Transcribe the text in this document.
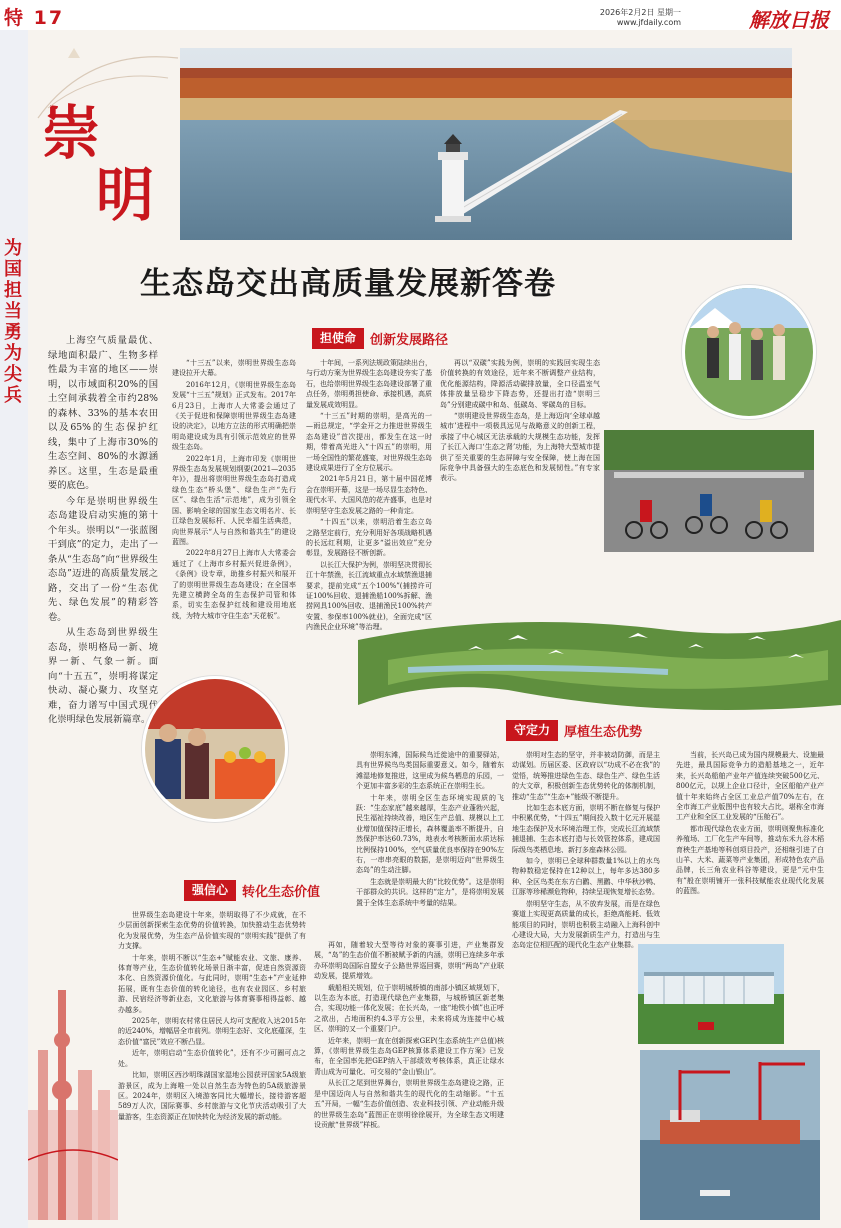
特 17	2026年2月2日 星期一
www.jfdaily.com	解放日报
为国担当 勇为尖兵
崇
明
生态岛交出高质量发展新答卷

上海空气质量最优、绿地面积最广、生物多样性最为丰富的地区——崇明，以市域面积20%的国土空间承载着全市约28%的森林、33%的基本农田以及65%的生态保护红线，集中了上海市30%的生态空间、80%的水源涵养区。这里，生态是最重要的底色。

今年是崇明世界级生态岛建设启动实施的第十个年头。崇明以“一张蓝图干到底”的定力，走出了一条从“生态岛”向“世界级生态岛”迈进的高质量发展之路，交出了一份“生态优先、绿色发展”的精彩答卷。

从生态岛到世界级生态岛，崇明格局一新、境界一新、气象一新。面向“十五五”，崇明将谋定快动、凝心聚力、攻坚克难，奋力谱写中国式现代化崇明绿色发展新篇章。

担使命 创新发展路径

“十三五”以来，崇明世界级生态岛建设拉开大幕。

2016年12月，《崇明世界级生态岛发展“十三五”规划》正式发布。2017年6月23日，上海市人大常委会通过了《关于促进和保障崇明世界级生态岛建设的决定》，以地方立法的形式明确把崇明岛建设成为具有引领示范效应的世界级生态岛。

2022年1月，上海市印发《崇明世界级生态岛发展规划纲要(2021—2035年)》，提出将崇明世界级生态岛打造成绿色生态“桥头堡”、绿色生产“先行区”、绿色生活“示范地”，成为引领全国、影响全球的国家生态文明名片、长江绿色发展标杆、人民幸福生活典范，向世界展示“人与自然和谐共生”的建设蓝图。

2022年8月27日上海市人大常委会通过了《上海市乡村振兴促进条例》，《条例》设专章，助推乡村振兴和展开了的崇明世界级生态岛建设；在全国率先建立横跨全岛的生态保护司管和体系，切实生态保护红线和建设用地底线，为特大城市守住生态“天花板”。

十年间，一系列法规政策陆续出台，与行动方案为世界级生态岛建设夯实了基石，也给崇明世界级生态岛建设部署了重点任务，崇明勇担使命、承接机遇，高质量发展成效明显。

“十三五”时期的崇明，是高光的一—雨总规定，“学金开之力推进世界级生态岛建设”首次提出，都发生在这一时期，带着高光进入“十四五”的崇明，用一场全国性的繁花盛宴，对世界级生态岛建设成果进行了全方位展示。

2021年5月21日，第十届中国花博会在崇明开幕，这是一场尽显生态特色、现代水平、大国风范的花卉盛事，也是对崇明坚守生态发展之路的一种肯定。

“十四五”以来，崇明沿着生态立岛之路坚定前行，充分利用好各项战略机遇的长远红利期，让更多“溢出效应”充分彰显，发展路径不断创新。

以长江大保护为例，崇明坚决贯彻长江十年禁渔，长江流域重点水域禁渔退捕要求，提前完成“五个100%”(捕捞许可证100%回收、退捕渔船100%拆解、渔捞网具100%回收、退捕渔民100%转产安置、参保率100%就业)，全面完成“区内渔民企业环境”等治理。

再以“双碳”实践为例，崇明的实践回实现生态价值转换的有效途径，近年来不断调整产业结构，优化能源结构，降源活动碳排放量，全口径温室气体排放量呈稳步下降态势，还提出打造“崇明三岛”分别建成碳中和岛、低碳岛、零碳岛的目标。

“崇明建设世界级生态岛，是上海迈向‘全球卓越城市’进程中一项极具远见与战略意义的创新工程，承接了中心城区无法承载的大规模生态功能，发挥了长江入海口‘生态之肾’功能，为上海特大型城市提供了至关重要的生态屏障与安全保障，使上海在国际竞争中具备强大的生态底色和发展韧性。”有专家表示。

守定力 厚植生态优势

崇明东滩，国际候鸟迁徙途中的重要驿站，具有世界候鸟鸟类国际重要意义。如今，随着东滩湿地修复推进，这里成为候鸟栖息的乐园，一个更加丰富多彩的生态系统正在崇明生长。

十年来，崇明全区生态环境实现质的飞跃：“生态家底”越来越厚，生态产业蓬勃兴起，民生福祉持续改善，地区生产总值、规模以上工业增加值保持正增长，森林覆盖率不断提升，自然保护率达60.73%，地表水考核断面水质达标比例保持100%，空气质量优良率保持在90%左右，一串串亮眼的数据，是崇明迈向“世界级生态岛”的生动注脚。

生态就是崇明最大的“比较优势”。这是崇明干部群众的共识。这样的“定力”，是将崇明发展置于全体生态系统中考量的结果。

崇明对生态的坚守，并非被动防御，而是主动谋划。历届区委、区政府以“功成不必在我”的觉悟，统筹推进绿色生态、绿色生产、绿色生活的大文章，积极创新生态优势转化的体制机制，推动“生态”“生态+”能级不断提升。

比如生态本底方面，崇明不断在修复与保护中积累优势，“十四五”期间投入数十亿元开展湿地生态保护及水环境治理工作，完成长江流域禁捕退捕、生态本底打造与长效管控体系，建成国际级鸟类栖息地、新打多座森林公园。

如今，崇明已全球种群数量1%以上的水鸟物种数稳定保持在12种以上，每年多达380多种、全区鸟类在东方白鹳、黑鹳、中华秋沙鸭、江豚等珍稀濒危物种，持续呈现恢复增长态势。

崇明坚守生态，从不放弃发展，而是在绿色赛道上实现更高质量的成长，拒绝高能耗、低效能项目的同时，崇明也积极主动融入上海科创中心建设大局，大力发展新质生产力，打造出与生态岛定位相匹配的现代化生态产业集群。

当前，长兴岛已成为国内规模最大、设施最先进，最具国际竞争力的造船基地之一，近年来，长兴岛船舶产业年产值连续突破500亿元、800亿元，以规上企业口径计，全区船舶产业产值十年来始终占全区工业总产值70%左右，在全市海工产业版图中也有较大占比，堪称全市海工产业和全区工业发展的“压舱石”。

都市现代绿色农业方面，崇明则聚焦标准化养殖场、工厂化生产车间等，推动东禾九谷木稻育秧生产基地等科创项目投产，还相继引进了白山羊、大米、蔬菜等产业集团，形成特色农产品品牌，长三角农业科谷等建设，更是“元中生有”般在崇明铺开一张科技赋能农业现代化发展的蓝图。

强信心 转化生态价值

世界级生态岛建设十年来，崇明取得了不少成就，在不少层面创新探索生态优势的价值转换，加快推动生态优势转化为发展优势，为生态产品价值实现的“崇明实践”提供了有力支撑。

十年来，崇明不断以“生态+”赋能农业、文旅、康养、体育等产业，生态价值转化场景日渐丰富，促进自然资源资本化、自然资源价值化。与此同时，崇明“生态+”产业延伸拓展，既有生态价值的转化途径，也有农业园区、乡村旅游、民宿经济等新业态，文化旅游与体育赛事相得益彰、越办越多。

2025年，崇明农村常住居民人均可支配收入达2015年的近240%，增幅居全市前列。崇明生态好、文化底蕴深，生态价值“富民”效应不断凸显。

近年，崇明启动“生态价值转化”，还有不少可圈可点之处。

比如，崇明区西沙明珠湖国家湿地公园获评国家5A级旅游景区，成为上海唯一处以自然生态为特色的5A级旅游景区。2024年，崇明区入境游客同比大幅增长，接待游客超589万人次，国际赛事、乡村旅游与文化节庆活动吸引了大量游客，生态资源正在加快转化为经济发展的新动能。

再如，随着较大型等待对象的赛事引进，产业集群发展，“岛”的生态价值不断被赋予新的内涵，崇明已连续多年承办环崇明岛国际自盟女子公路世界巡回赛，崇明“两岛”产业联动发展，提质增效。

载船相关规划，位于崇明城桥镇的南部小镇区域规划下，以生态为本底，打造现代绿色产业集群，与城桥镇区新老集合，实现功能一体化发展；在长兴岛，一座“地铁小镇”也正呼之欲出，占地面积约4.3平方公里，未来将成为连接中心城区、崇明的又一个重要门户。

近年来，崇明一直在创新探索GEP(生态系统生产总值)核算，《崇明世界级生态岛GEP核算体系建设工作方案》已发布，在全国率先把GEP纳入干部绩效考核体系，真正让绿水青山成为可量化、可交易的“金山银山”。

从长江之尾到世界舞台，崇明世界级生态岛建设之路，正是中国迈向人与自然和谐共生的现代化的生动缩影。“十五五”开局，一幅“生态价值创造、农业科技引领、产业动能升级的世界级生态岛”蓝图正在崇明徐徐展开，为全球生态文明建设贡献“世界级”样板。
